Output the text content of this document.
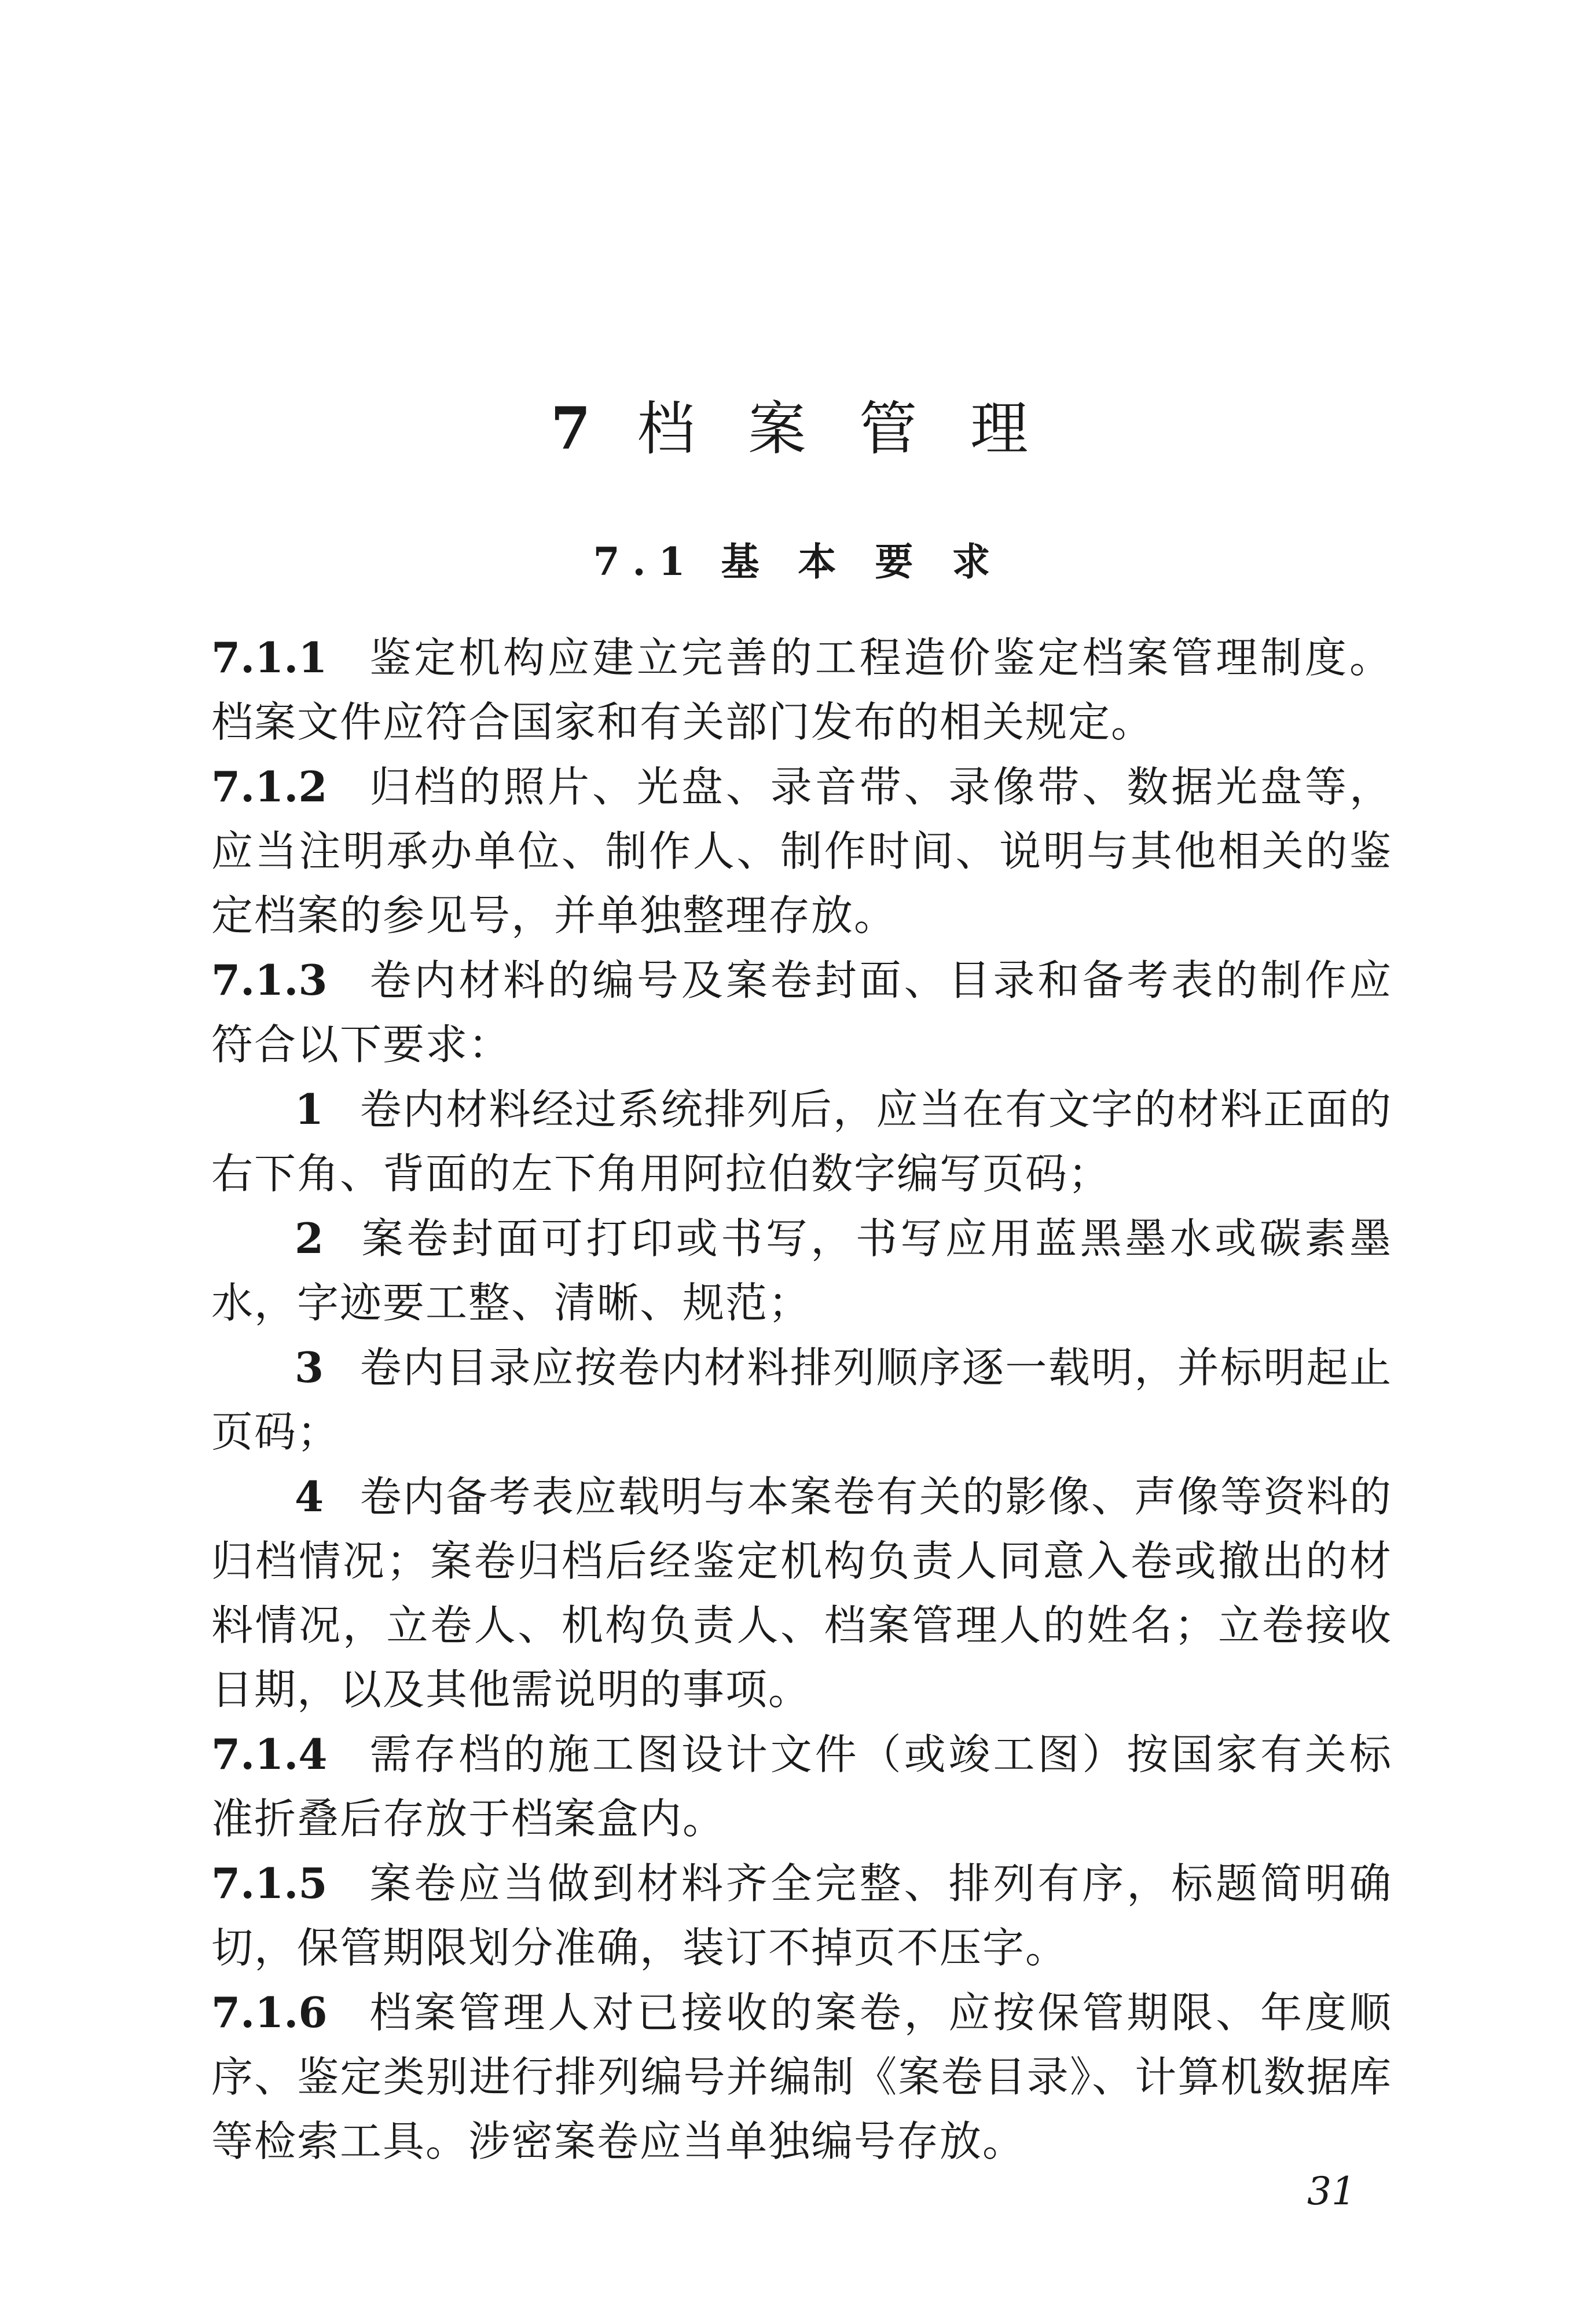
7 档 案 管 理
7.1 基 本 要 求

7.1.1 鉴定机构应建立完善的工程造价鉴定档案管理制度。档案文件应符合国家和有关部门发布的相关规定。

7.1.2 归档的照片、光盘、录音带、录像带、数据光盘等，应当注明承办单位、制作人、制作时间、说明与其他相关的鉴定档案的参见号，并单独整理存放。

7.1.3 卷内材料的编号及案卷封面、目录和备考表的制作应符合以下要求：

1 卷内材料经过系统排列后，应当在有文字的材料正面的右下角、背面的左下角用阿拉伯数字编写页码；

2 案卷封面可打印或书写，书写应用蓝黑墨水或碳素墨水，字迹要工整、清晰、规范；

3 卷内目录应按卷内材料排列顺序逐一载明，并标明起止页码；

4 卷内备考表应载明与本案卷有关的影像、声像等资料的归档情况；案卷归档后经鉴定机构负责人同意入卷或撤出的材料情况，立卷人、机构负责人、档案管理人的姓名；立卷接收日期，以及其他需说明的事项。

7.1.4 需存档的施工图设计文件（或竣工图）按国家有关标准折叠后存放于档案盒内。

7.1.5 案卷应当做到材料齐全完整、排列有序，标题简明确切，保管期限划分准确，装订不掉页不压字。

7.1.6 档案管理人对已接收的案卷，应按保管期限、年度顺序、鉴定类别进行排列编号并编制《案卷目录》、计算机数据库等检索工具。涉密案卷应当单独编号存放。

31
